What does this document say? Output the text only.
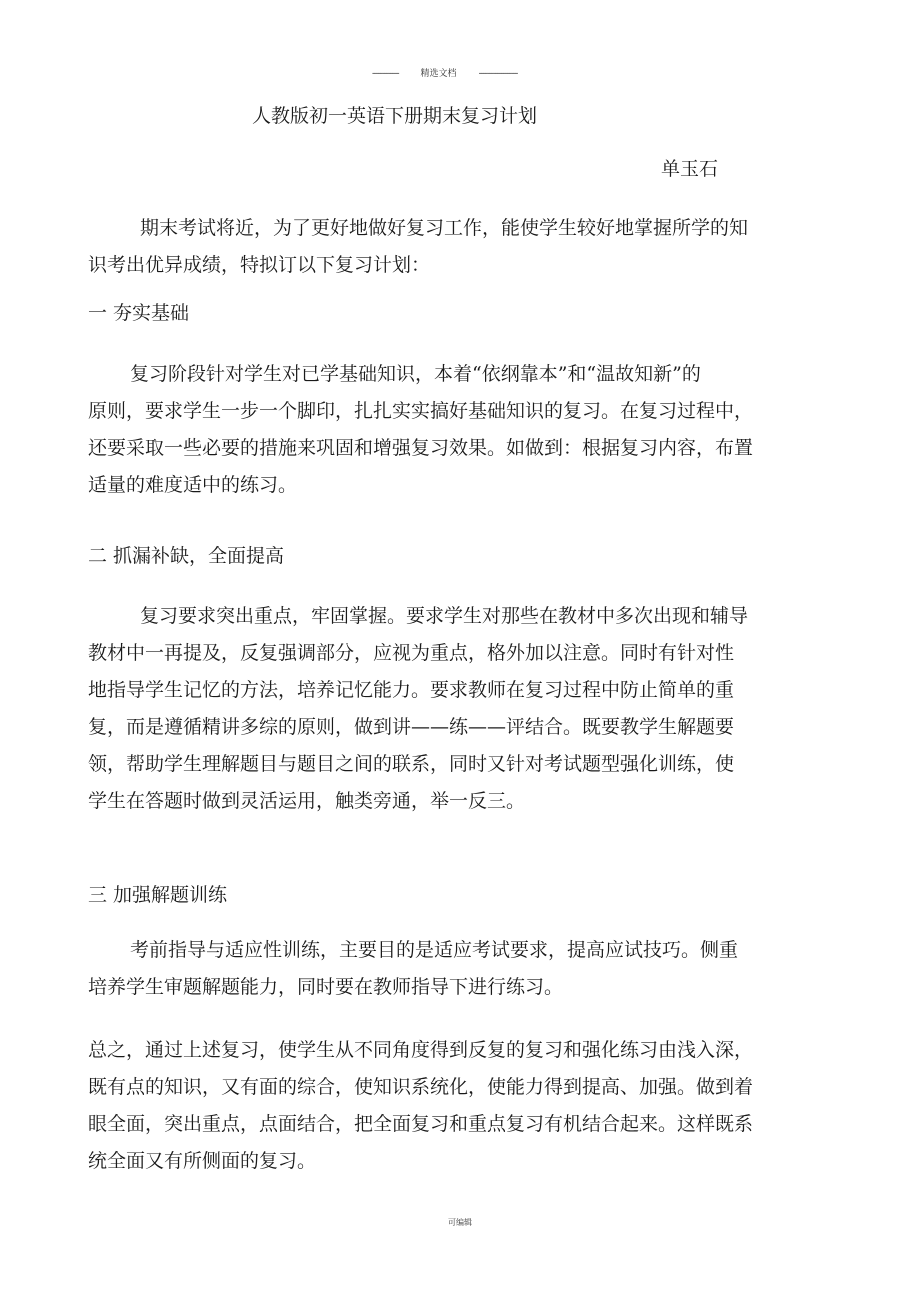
------------- 精选文档 -------------------
人教版初一英语下册期末复习计划
单玉石
期末考试将近，为了更好地做好复习工作，能使学生较好地掌握所学的知
识考出优异成绩，特拟订以下复习计划：
一 夯实基础
复习阶段针对学生对已学基础知识，本着“依纲靠本”和“温故知新”的
原则，要求学生一步一个脚印，扎扎实实搞好基础知识的复习。在复习过程中，
还要采取一些必要的措施来巩固和增强复习效果。如做到：根据复习内容，布置
适量的难度适中的练习。
二 抓漏补缺，全面提高
复习要求突出重点，牢固掌握。要求学生对那些在教材中多次出现和辅导
教材中一再提及，反复强调部分，应视为重点，格外加以注意。同时有针对性
地指导学生记忆的方法，培养记忆能力。要求教师在复习过程中防止简单的重
复，而是遵循精讲多综的原则，做到讲——练——评结合。既要教学生解题要
领，帮助学生理解题目与题目之间的联系，同时又针对考试题型强化训练，使
学生在答题时做到灵活运用，触类旁通，举一反三。
三 加强解题训练
考前指导与适应性训练，主要目的是适应考试要求，提高应试技巧。侧重
培养学生审题解题能力，同时要在教师指导下进行练习。
总之，通过上述复习，使学生从不同角度得到反复的复习和强化练习由浅入深，
既有点的知识，又有面的综合，使知识系统化，使能力得到提高、加强。做到着
眼全面，突出重点，点面结合，把全面复习和重点复习有机结合起来。这样既系
统全面又有所侧面的复习。
可编辑
